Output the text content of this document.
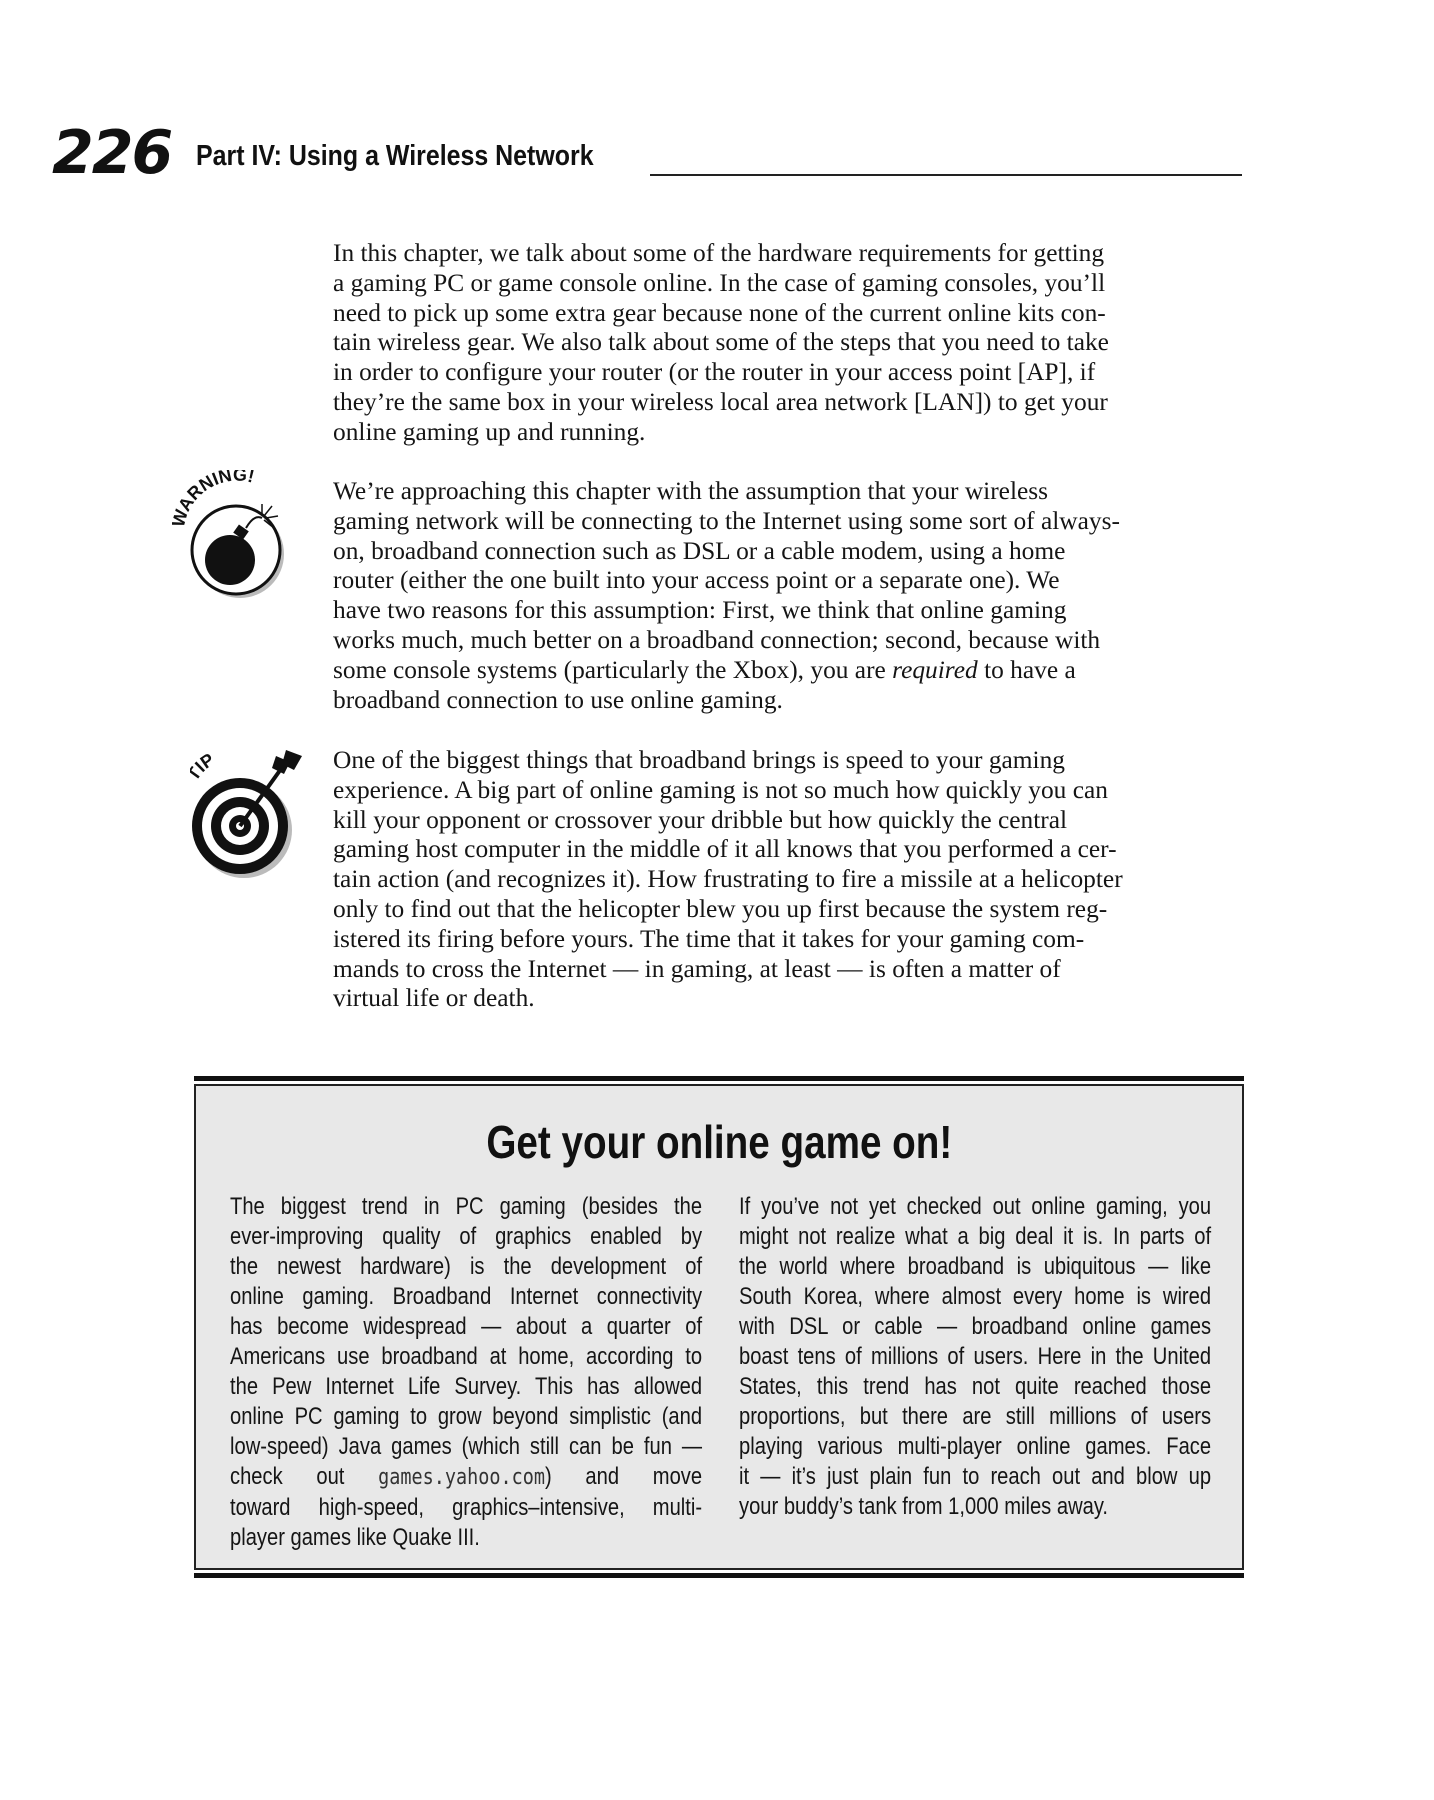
226 Part IV: Using a Wireless Network
In this chapter, we talk about some of the hardware requirements for getting
a gaming PC or game console online. In the case of gaming consoles, you’ll
need to pick up some extra gear because none of the current online kits con-
tain wireless gear. We also talk about some of the steps that you need to take
in order to configure your router (or the router in your access point [AP], if
they’re the same box in your wireless local area network [LAN]) to get your
online gaming up and running.
ARNING!
We’re approaching this chapter with the assumption that your wireless
gaming network will be connecting to the Internet using some sort of always-
on, broadband connection such as DSL or a cable modem, using a home
router (either the one built into your access point or a separate one). We
have two reasons for this assumption: First, we think that online gaming
works much, much better on a broadband connection; second, because with
some console systems (particularly the Xbox), you are required to have a
broadband connection to use online gaming.
IP	One of the biggest things that broadband brings is speed to your gaming
experience. A big part of online gaming is not so much how quickly you can
kill your opponent or crossover your dribble but how quickly the central
gaming host computer in the middle of it all knows that you performed a cer-
tain action (and recognizes it). How frustrating to fire a missile at a helicopter
only to find out that the helicopter blew you up first because the system reg-
istered its firing before yours. The time that it takes for your gaming com-
mands to cross the Internet — in gaming, at least — is often a matter of
virtual life or death.
Get your online game on!
The biggest trend in PC gaming (besides the
ever-improving quality of graphics enabled by
the newest hardware) is the development of
online gaming. Broadband Internet connectivity
has become widespread — about a quarter of
Americans use broadband at home, according to
the Pew Internet Life Survey. This has allowed
online PC gaming to grow beyond simplistic (and
low-speed) Java games (which still can be fun —
check out games.yahoo.com) and move
toward high-speed, graphics–intensive, multi-
player games like Quake III.
If you’ve not yet checked out online gaming, you
might not realize what a big deal it is. In parts of
the world where broadband is ubiquitous — like
South Korea, where almost every home is wired
with DSL or cable — broadband online games
boast tens of millions of users. Here in the United
States, this trend has not quite reached those
proportions, but there are still millions of users
playing various multi-player online games. Face
it — it’s just plain fun to reach out and blow up
your buddy’s tank from 1,000 miles away.
